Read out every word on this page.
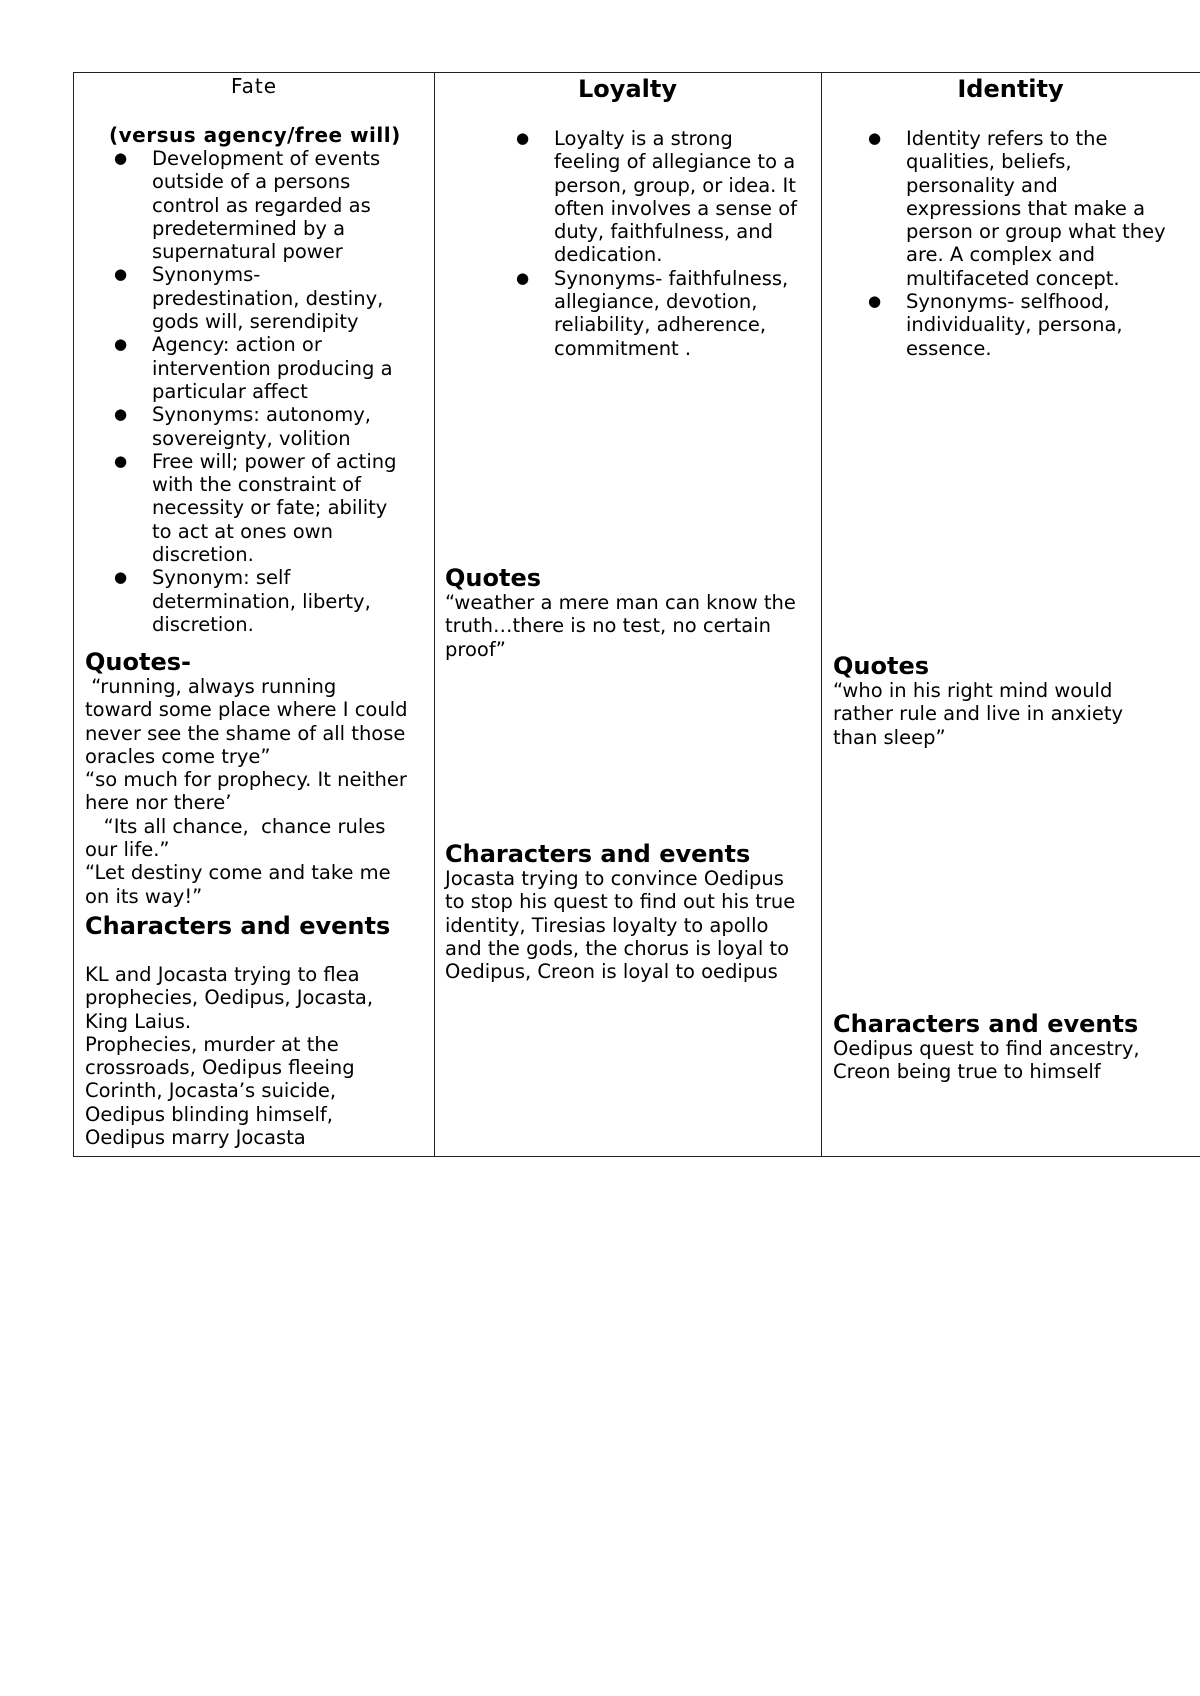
Fate
(versus agency/free will)
● Development of events
outside of a persons
control as regarded as
predetermined by a
supernatural power
● Synonyms-
predestination, destiny,
gods will, serendipity
● Agency: action or
intervention producing a
particular affect
● Synonyms: autonomy,
sovereignty, volition
● Free will; power of acting
with the constraint of
necessity or fate; ability
to act at ones own
discretion.
● Synonym: self
determination, liberty,
discretion.
Quotes-
“running, always running
toward some place where I could
never see the shame of all those
oracles come trye”
“so much for prophecy. It neither
here nor there’
“Its all chance,  chance rules
our life.”
“Let destiny come and take me
on its way!”
Characters and events
KL and Jocasta trying to flea
prophecies, Oedipus, Jocasta,
King Laius.
Prophecies, murder at the
crossroads, Oedipus fleeing
Corinth, Jocasta’s suicide,
Oedipus blinding himself,
Oedipus marry Jocasta
Loyalty
● Loyalty is a strong
feeling of allegiance to a
person, group, or idea. It
often involves a sense of
duty, faithfulness, and
dedication.
● Synonyms- faithfulness,
allegiance, devotion,
reliability, adherence,
commitment .
Quotes
“weather a mere man can know the
truth…there is no test, no certain
proof”
Characters and events
Jocasta trying to convince Oedipus
to stop his quest to find out his true
identity, Tiresias loyalty to apollo
and the gods, the chorus is loyal to
Oedipus, Creon is loyal to oedipus
Identity
● Identity refers to the
qualities, beliefs,
personality and
expressions that make a
person or group what they
are. A complex and
multifaceted concept.
● Synonyms- selfhood,
individuality, persona,
essence.
Quotes
“who in his right mind would
rather rule and live in anxiety
than sleep”
Characters and events
Oedipus quest to find ancestry,
Creon being true to himself
